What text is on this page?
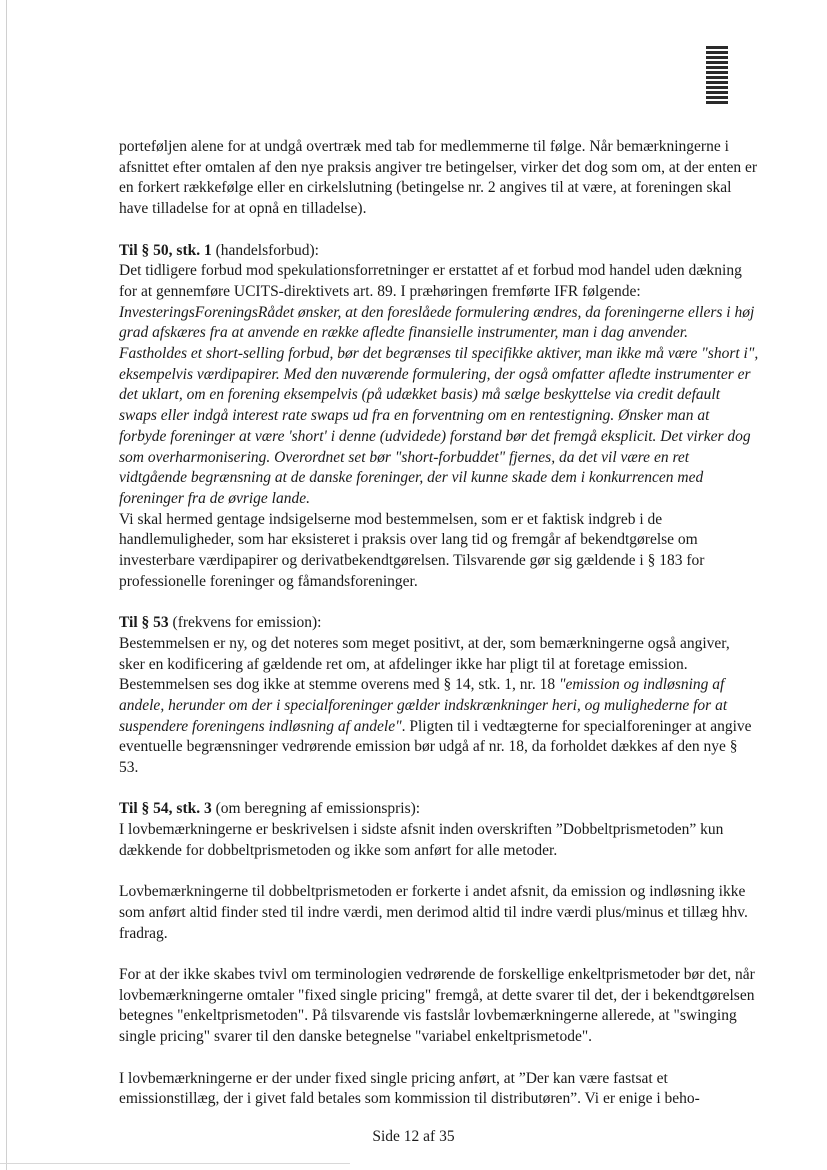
porteføljen alene for at undgå overtræk med tab for medlemmerne til følge. Når bemærkningerne i afsnittet efter omtalen af den nye praksis angiver tre betingelser, virker det dog som om, at der enten er en forkert rækkefølge eller en cirkelslutning (betingelse nr. 2 angives til at være, at foreningen skal have tilladelse for at opnå en tilladelse).

Til § 50, stk. 1 (handelsforbud):

Det tidligere forbud mod spekulationsforretninger er erstattet af et forbud mod handel uden dækning for at gennemføre UCITS-direktivets art. 89. I præhøringen fremførte IFR følgende:

InvesteringsForeningsRådet ønsker, at den foreslåede formulering ændres, da foreningerne ellers i høj grad afskæres fra at anvende en række afledte finansielle instrumenter, man i dag anvender. Fastholdes et short-selling forbud, bør det begrænses til specifikke aktiver, man ikke må være "short i", eksempelvis værdipapirer. Med den nuværende formulering, der også omfatter afledte instrumenter er det uklart, om en forening eksempelvis (på udækket basis) må sælge beskyttelse via credit default swaps eller indgå interest rate swaps ud fra en forventning om en rentestigning. Ønsker man at forbyde foreninger at være 'short' i denne (udvidede) forstand bør det fremgå eksplicit. Det virker dog som overharmonisering. Overordnet set bør "short-forbuddet" fjernes, da det vil være en ret vidtgående begrænsning at de danske foreninger, der vil kunne skade dem i konkurrencen med foreninger fra de øvrige lande.

Vi skal hermed gentage indsigelserne mod bestemmelsen, som er et faktisk indgreb i de handlemuligheder, som har eksisteret i praksis over lang tid og fremgår af bekendtgørelse om investerbare værdipapirer og derivatbekendtgørelsen. Tilsvarende gør sig gældende i § 183 for professionelle foreninger og fåmandsforeninger.

Til § 53 (frekvens for emission):

Bestemmelsen er ny, og det noteres som meget positivt, at der, som bemærkningerne også angiver, sker en kodificering af gældende ret om, at afdelinger ikke har pligt til at foretage emission. Bestemmelsen ses dog ikke at stemme overens med § 14, stk. 1, nr. 18 "emission og indløsning af andele, herunder om der i specialforeninger gælder indskrænkninger heri, og mulighederne for at suspendere foreningens indløsning af andele". Pligten til i vedtægterne for specialforeninger at angive eventuelle begrænsninger vedrørende emission bør udgå af nr. 18, da forholdet dækkes af den nye § 53.

Til § 54, stk. 3 (om beregning af emissionspris):

I lovbemærkningerne er beskrivelsen i sidste afsnit inden overskriften ”Dobbeltprismetoden” kun dækkende for dobbeltprismetoden og ikke som anført for alle metoder.

Lovbemærkningerne til dobbeltprismetoden er forkerte i andet afsnit, da emission og indløsning ikke som anført altid finder sted til indre værdi, men derimod altid til indre værdi plus/minus et tillæg hhv. fradrag.

For at der ikke skabes tvivl om terminologien vedrørende de forskellige enkeltprismetoder bør det, når lovbemærkningerne omtaler "fixed single pricing" fremgå, at dette svarer til det, der i bekendtgørelsen betegnes "enkeltprismetoden". På tilsvarende vis fastslår lovbemærkningerne allerede, at "swinging single pricing" svarer til den danske betegnelse "variabel enkeltprismetode".

I lovbemærkningerne er der under fixed single pricing anført, at ”Der kan være fastsat et emissionstillæg, der i givet fald betales som kommission til distributøren”. Vi er enige i beho-

Side 12 af 35
